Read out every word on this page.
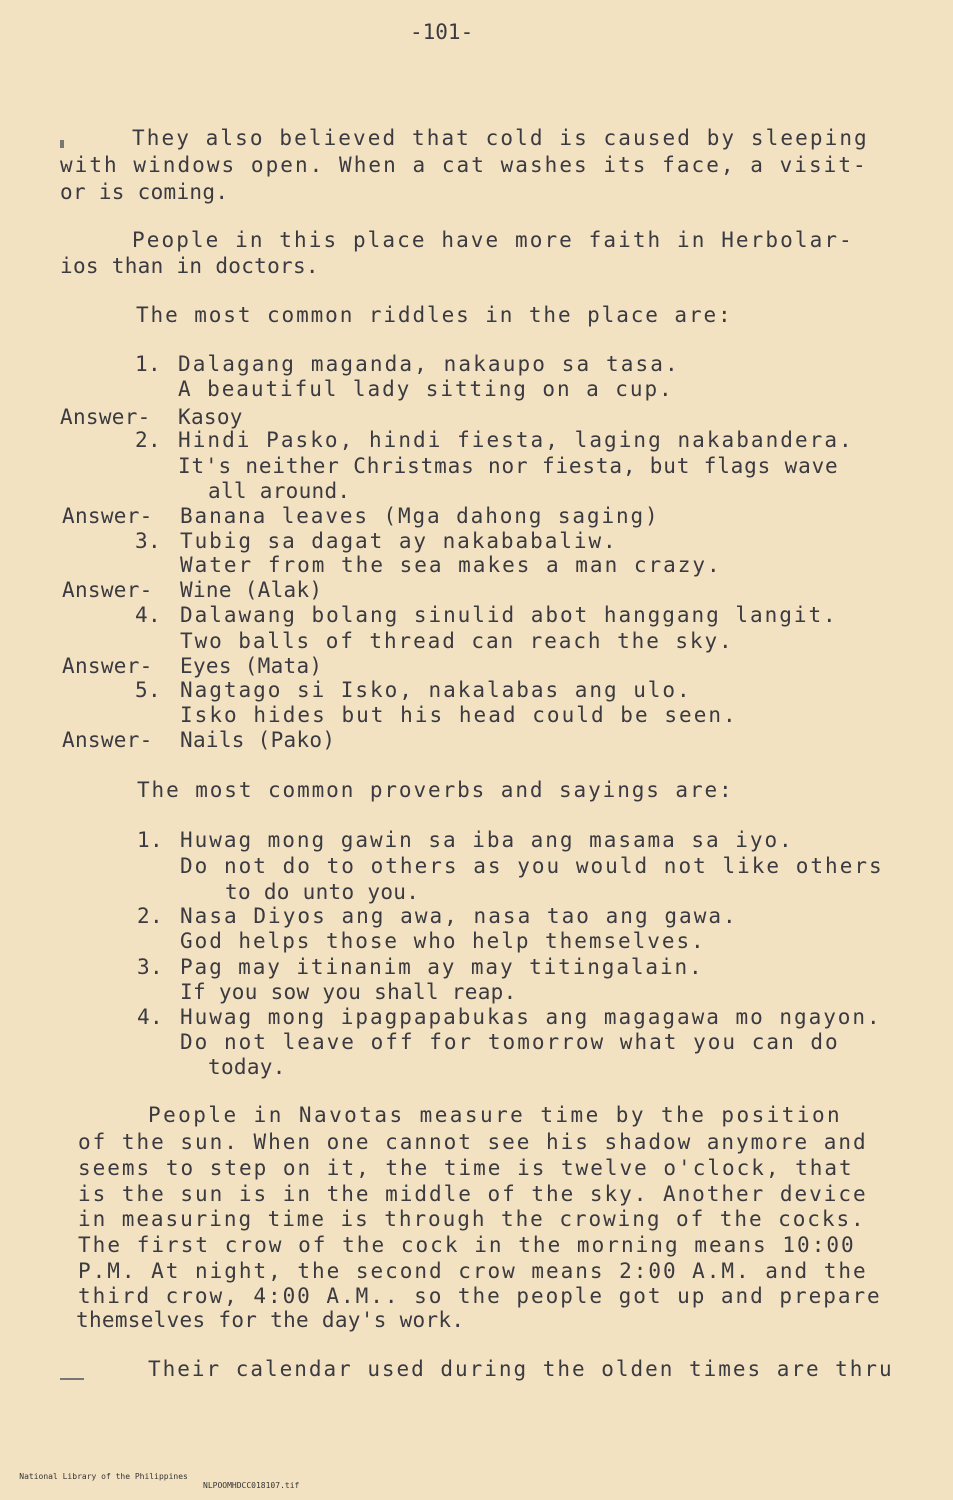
-101-
They also believed that cold is caused by sleeping
with windows open. When a cat washes its face, a visit-
or is coming.
People in this place have more faith in Herbolar-
ios than in doctors.
The most common riddles in the place are:
1. Dalagang maganda, nakaupo sa tasa.
A beautiful lady sitting on a cup.
Answer- Kasoy
2. Hindi Pasko, hindi fiesta, laging nakabandera.
It's neither Christmas nor fiesta, but flags wave
all around.
Answer- Banana leaves (Mga dahong saging)
3. Tubig sa dagat ay nakababaliw.
Water from the sea makes a man crazy.
Answer- Wine (Alak)
4. Dalawang bolang sinulid abot hanggang langit.
Two balls of thread can reach the sky.
Answer- Eyes (Mata)
5. Nagtago si Isko, nakalabas ang ulo.
Isko hides but his head could be seen.
Answer- Nails (Pako)
The most common proverbs and sayings are:
1. Huwag mong gawin sa iba ang masama sa iyo.
Do not do to others as you would not like others
to do unto you.
2. Nasa Diyos ang awa, nasa tao ang gawa.
God helps those who help themselves.
3. Pag may itinanim ay may titingalain.
If you sow you shall reap.
4. Huwag mong ipagpapabukas ang magagawa mo ngayon.
Do not leave off for tomorrow what you can do
today.
People in Navotas measure time by the position
of the sun. When one cannot see his shadow anymore and
seems to step on it, the time is twelve o'clock, that
is the sun is in the middle of the sky. Another device
in measuring time is through the crowing of the cocks.
The first crow of the cock in the morning means 10:00
P.M. At night, the second crow means 2:00 A.M. and the
third crow, 4:00 A.M.. so the people got up and prepare
themselves for the day's work.
Their calendar used during the olden times are thru

National Library of the Philippines

NLPOOMHDCC018107.tif
